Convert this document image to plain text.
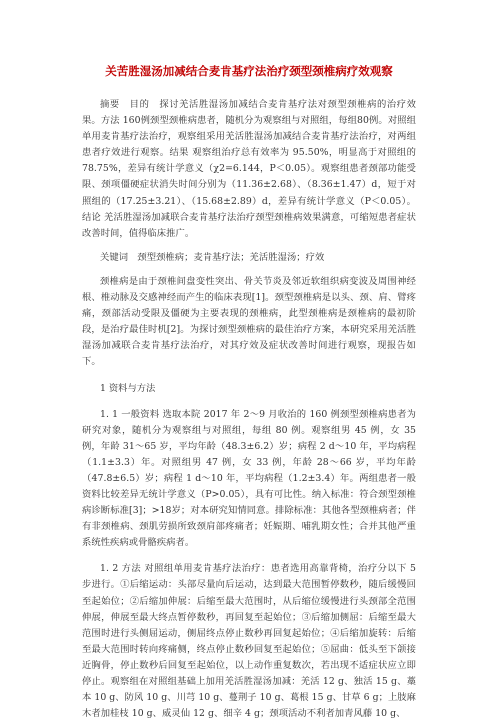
关苦胜湿汤加减结合麦肯基疗法治疗颈型颈椎病疗效观察

摘要　目的　探讨羌活胜湿汤加减结合麦肯基疗法对颈型颈椎病的治疗效果。方法 160例颈型颈椎病患者，随机分为观察组与对照组，每组80例。对照组单用麦肯基疗法治疗，观察组采用羌活胜湿汤加减结合麦肯基疗法治疗，对两组患者疗效进行观察。结果 观察组治疗总有效率为 95.50%，明显高于对照组的 78.75%，差异有统计学意义（χ2=6.144，P＜0.05）。观察组患者颈部功能受限、颈项僵硬症状消失时间分别为（11.36±2.68）、（8.36±1.47）d，短于对照组的（17.25±3.21）、（15.68±2.89）d，差异有统计学意义（P＜0.05）。结论 羌活胜湿汤加减联合麦肯基疗法治疗颈型颈椎病效果满意，可缩短患者症状改善时间，值得临床推广。

关键词　颈型颈椎病；麦肯基疗法；羌活胜湿汤；疗效

颈椎病是由于颈椎间盘变性突出、骨关节炎及邻近软组织病变波及周围神经根、椎动脉及交感神经而产生的临床表现[1]。颈型颈椎病是以头、颈、肩、臂疼痛，颈部活动受限及僵硬为主要表现的颈椎病，此型颈椎病是颈椎病的最初阶段，是治疗最佳时机[2]。为探讨颈型颈椎病的最佳治疗方案，本研究采用羌活胜湿汤加减联合麦肯基疗法治疗，对其疗效及症状改善时间进行观察，现报告如下。

1 资料与方法

1. 1 一般资料 选取本院 2017 年 2～9 月收治的 160 例颈型颈椎病患者为研究对象，随机分为观察组与对照组，每组 80 例。观察组男 45 例，女 35 例，年龄 31～65 岁，平均年龄（48.3±6.2）岁；病程 2 d～10 年，平均病程（1.1±3.3）年。对照组男 47 例，女 33 例，年龄 28～66 岁，平均年龄（47.8±6.5）岁；病程 1 d～10 年，平均病程（1.2±3.4）年。两组患者一般资料比较差异无统计学意义（P>0.05），具有可比性。纳入标准：符合颈型颈椎病诊断标准[3]；>18岁；对本研究知情同意。排除标准：其他各型颈椎病者；伴有非颈椎病、颈肌劳损所致颈肩部疼痛者；妊娠期、哺乳期女性；合并其他严重系统性疾病或骨骼疾病者。

1. 2 方法 对照组单用麦肯基疗法治疗：患者选用高靠背椅，治疗分以下 5 步进行。①后缩运动：头部尽量向后运动，达到最大范围暂停数秒，随后缓慢回至起始位；②后缩加伸展：后缩至最大范围时，从后缩位缓慢进行头颈部全范围伸展，伸展至最大终点暂停数秒，再回复至起始位；③后缩加侧屈：后缩至最大范围时进行头侧屈运动，侧屈终点停止数秒再回复起始位；④后缩加旋转：后缩至最大范围时转向疼痛侧，终点停止数秒回复至起始位；⑤屈曲：低头至下颌接近胸骨，停止数秒后回复至起始位，以上动作重复数次，若出现不适症状应立即停止。观察组在对照组基础上加用羌活胜湿汤加减：羌活 12 g、独活 15 g、藁本 10 g、防风 10 g、川芎 10 g、蔓荆子 10 g、葛根 15 g、甘草 6 g；上肢麻木者加桂枝 10 g、威灵仙 12 g、细辛 4 g；颈项活动不利者加青风藤 10 g、
